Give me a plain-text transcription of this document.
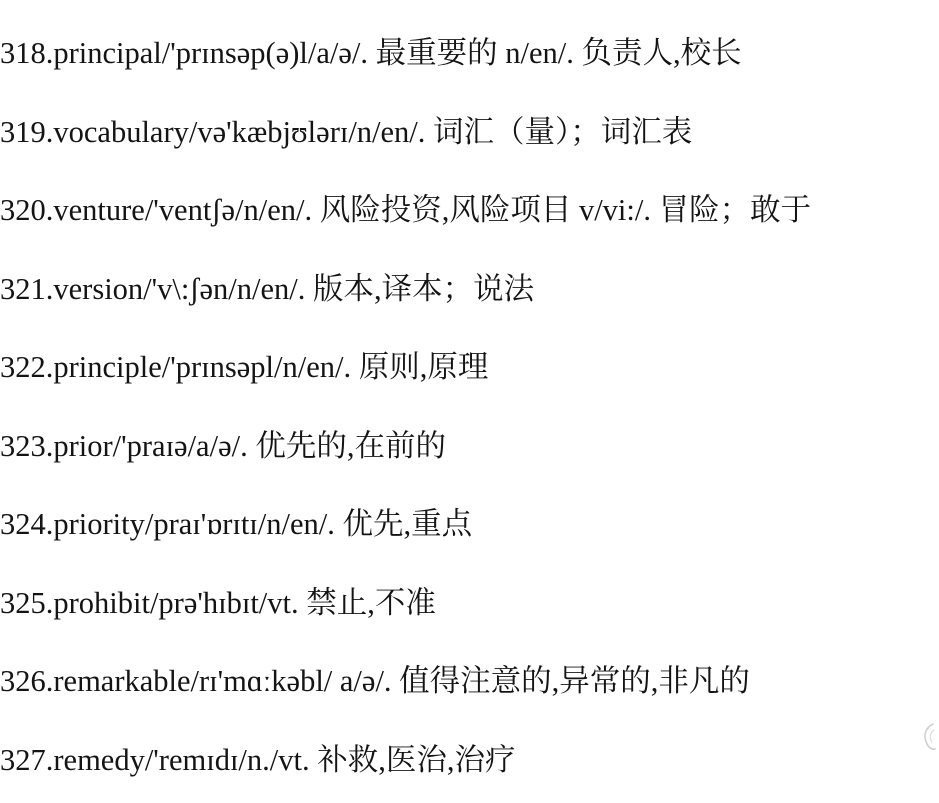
318.principal/'prɪnsəp(ə)l/a/ə/. 最重要的 n/en/. 负责人,校长
319.vocabulary/və'kæbjʊlərɪ/n/en/. 词汇（量）；词汇表
320.venture/'ventʃə/n/en/. 风险投资,风险项目 v/vi:/. 冒险；敢于
321.version/'v\:ʃən/n/en/. 版本,译本；说法
322.principle/'prɪnsəpl/n/en/. 原则,原理
323.prior/'praɪə/a/ə/. 优先的,在前的
324.priority/praɪ'ɒrɪtɪ/n/en/. 优先,重点
325.prohibit/prə'hɪbɪt/vt. 禁止,不准
326.remarkable/rɪ'mɑːkəbl/ a/ə/. 值得注意的,异常的,非凡的
327.remedy/'remɪdɪ/n./vt. 补救,医治,治疗
